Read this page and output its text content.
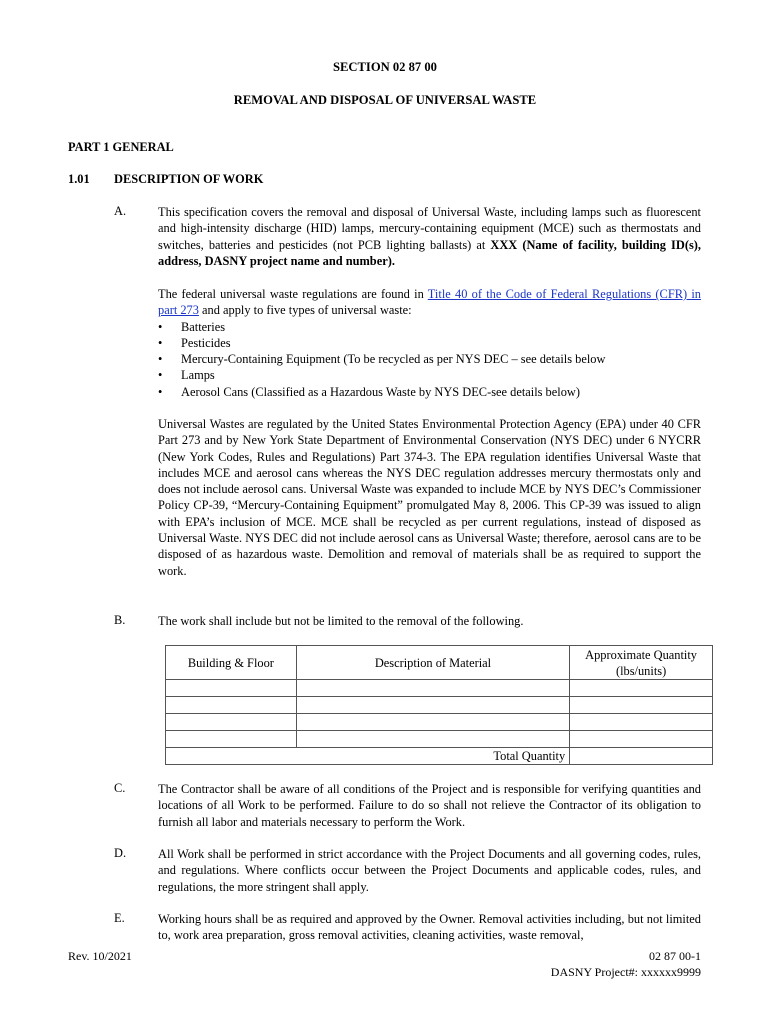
SECTION 02 87 00
REMOVAL AND DISPOSAL OF UNIVERSAL WASTE
PART 1 GENERAL
1.01 DESCRIPTION OF WORK
A.	This specification covers the removal and disposal of Universal Waste, including lamps such as fluorescent and high-intensity discharge (HID) lamps, mercury-containing equipment (MCE) such as thermostats and switches, batteries and pesticides (not PCB lighting ballasts) at XXX (Name of facility, building ID(s), address, DASNY project name and number).

The federal universal waste regulations are found in Title 40 of the Code of Federal Regulations (CFR) in part 273 and apply to five types of universal waste:

• Batteries
• Pesticides
• Mercury-Containing Equipment (To be recycled as per NYS DEC – see details below
• Lamps
• Aerosol Cans (Classified as a Hazardous Waste by NYS DEC-see details below)
Universal Wastes are regulated by the United States Environmental Protection Agency (EPA) under 40 CFR Part 273 and by New York State Department of Environmental Conservation (NYS DEC) under 6 NYCRR (New York Codes, Rules and Regulations) Part 374-3. The EPA regulation identifies Universal Waste that includes MCE and aerosol cans whereas the NYS DEC regulation addresses mercury thermostats only and does not include aerosol cans. Universal Waste was expanded to include MCE by NYS DEC’s Commissioner Policy CP-39, “Mercury-Containing Equipment” promulgated May 8, 2006. This CP-39 was issued to align with EPA’s inclusion of MCE. MCE shall be recycled as per current regulations, instead of disposed as Universal Waste. NYS DEC did not include aerosol cans as Universal Waste; therefore, aerosol cans are to be disposed of as hazardous waste. Demolition and removal of materials shall be as required to support the work.
B.	The work shall include but not be limited to the removal of the following.
Building & Floor	Description of Material	Approximate Quantity (lbs/units)

	Total Quantity	
C.	The Contractor shall be aware of all conditions of the Project and is responsible for verifying quantities and locations of all Work to be performed. Failure to do so shall not relieve the Contractor of its obligation to furnish all labor and materials necessary to perform the Work.
D.	All Work shall be performed in strict accordance with the Project Documents and all governing codes, rules, and regulations. Where conflicts occur between the Project Documents and applicable codes, rules, and regulations, the more stringent shall apply.
E.	Working hours shall be as required and approved by the Owner. Removal activities including, but not limited to, work area preparation, gross removal activities, cleaning activities, waste removal,
Rev. 10/2021	02 87 00-1
DASNY Project#: xxxxxx9999
